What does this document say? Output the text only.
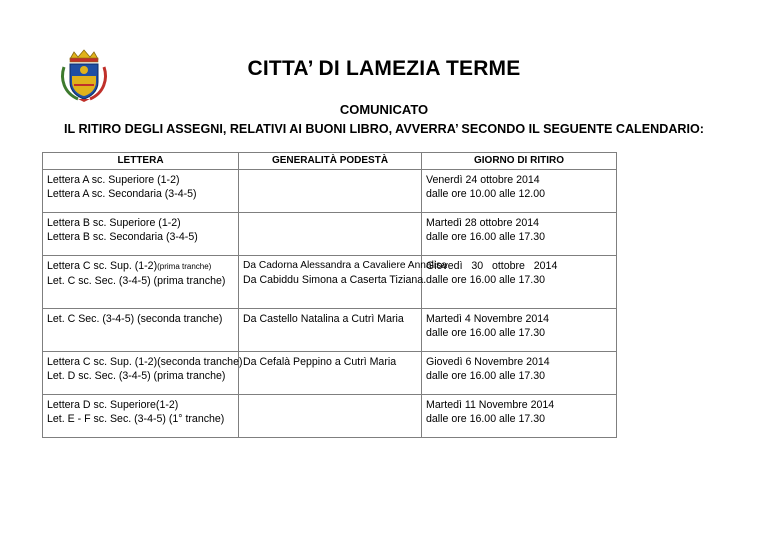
CITTA’ DI LAMEZIA TERME
COMUNICATO
IL RITIRO DEGLI ASSEGNI, RELATIVI AI BUONI LIBRO, AVVERRA’ SECONDO IL SEGUENTE CALENDARIO:
LETTERA	GENERALITÀ PODESTÀ	GIORNO DI RITIRO

Lettera A sc. Superiore (1-2)
Lettera A sc. Secondaria (3-4-5)		Venerdì 24 ottobre 2014
dalle ore 10.00 alle 12.00

Lettera B sc. Superiore (1-2)
Lettera B sc. Secondaria (3-4-5)		Martedì 28 ottobre 2014
dalle ore 16.00 alle 17.30

Lettera C sc. Sup. (1-2)(prima tranche)
Let. C sc. Sec. (3-4-5) (prima tranche)	Da Cadorna Alessandra a Cavaliere Annalisa
Da Cabiddu Simona a Caserta Tiziana.	Giovedì   30   ottobre   2014
dalle ore 16.00 alle 17.30

Let. C Sec. (3-4-5) (seconda tranche)	Da Castello Natalina a Cutrì Maria	Martedì 4 Novembre 2014
dalle ore 16.00 alle 17.30

Lettera C sc. Sup. (1-2)(seconda tranche)
Let. D sc. Sec. (3-4-5) (prima tranche)	Da Cefalà Peppino a Cutrì Maria	Giovedì 6 Novembre 2014
dalle ore 16.00 alle 17.30

Lettera D sc. Superiore(1-2)
Let. E - F sc. Sec. (3-4-5) (1° tranche)		Martedì 11 Novembre 2014
dalle ore 16.00 alle 17.30
